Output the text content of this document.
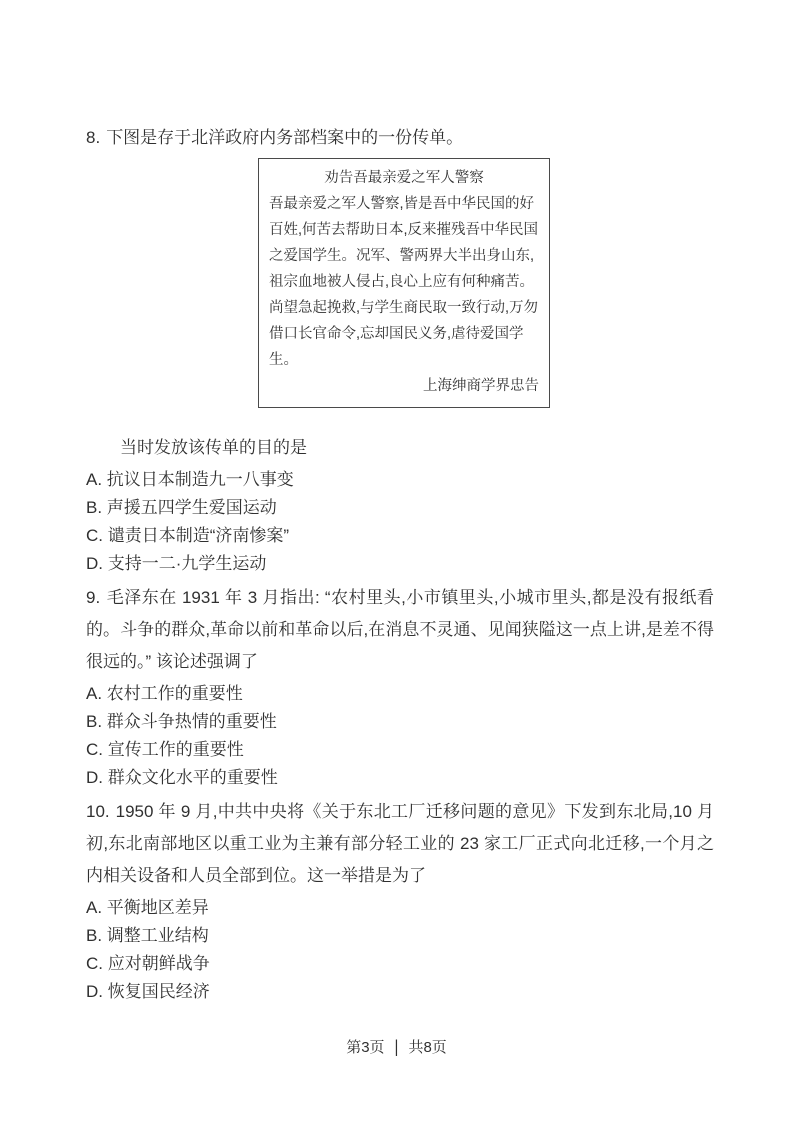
8. 下图是存于北洋政府内务部档案中的一份传单。

劝告吾最亲爱之军人警察
吾最亲爱之军人警察,皆是吾中华民国的好
百姓,何苦去帮助日本,反来摧残吾中华民国
之爱国学生。况军、警两界大半出身山东,
祖宗血地被人侵占,良心上应有何种痛苦。
尚望急起挽救,与学生商民取一致行动,万勿
借口长官命令,忘却国民义务,虐待爱国学
生。
上海绅商学界忠告

当时发放该传单的目的是

A. 抗议日本制造九一八事变
B. 声援五四学生爱国运动
C. 谴责日本制造“济南惨案”
D. 支持一二·九学生运动

9. 毛泽东在 1931 年 3 月指出: “农村里头,小市镇里头,小城市里头,都是没有报纸看的。斗争的群众,革命以前和革命以后,在消息不灵通、见闻狭隘这一点上讲,是差不得很远的。” 该论述强调了

A. 农村工作的重要性
B. 群众斗争热情的重要性
C. 宣传工作的重要性
D. 群众文化水平的重要性

10. 1950 年 9 月,中共中央将《关于东北工厂迁移问题的意见》下发到东北局,10 月初,东北南部地区以重工业为主兼有部分轻工业的 23 家工厂正式向北迁移,一个月之内相关设备和人员全部到位。这一举措是为了

A. 平衡地区差异
B. 调整工业结构
C. 应对朝鲜战争
D. 恢复国民经济
第3页 | 共8页
